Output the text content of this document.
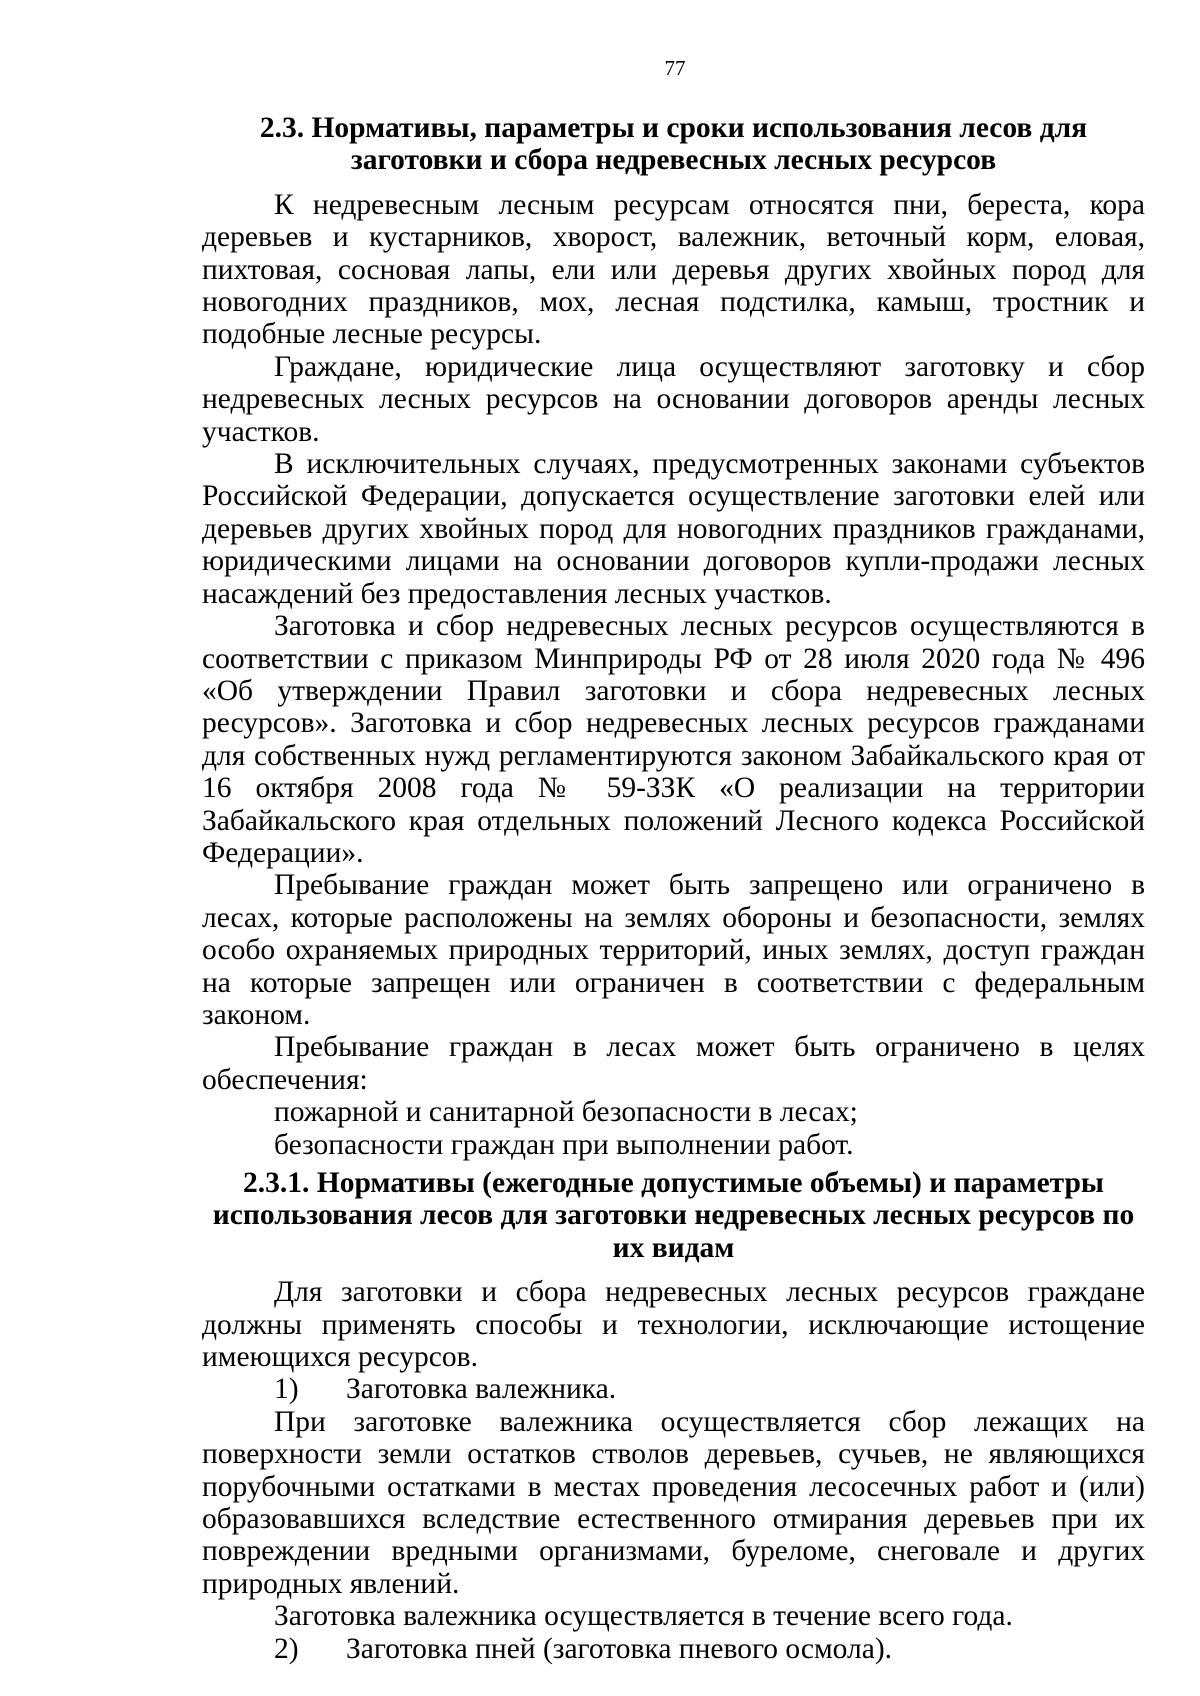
77
2.3. Нормативы, параметры и сроки использования лесов для заготовки и сбора недревесных лесных ресурсов

К недревесным лесным ресурсам относятся пни, береста, кора деревьев и кустарников, хворост, валежник, веточный корм, еловая, пихтовая, сосновая лапы, ели или деревья других хвойных пород для новогодних праздников, мох, лесная подстилка, камыш, тростник и подобные лесные ресурсы.

Граждане, юридические лица осуществляют заготовку и сбор недревесных лесных ресурсов на основании договоров аренды лесных участков.

В исключительных случаях, предусмотренных законами субъектов Российской Федерации, допускается осуществление заготовки елей или деревьев других хвойных пород для новогодних праздников гражданами, юридическими лицами на основании договоров купли-продажи лесных насаждений без предоставления лесных участков.

Заготовка и сбор недревесных лесных ресурсов осуществляются в соответствии с приказом Минприроды РФ от 28 июля 2020 года № 496 «Об утверждении Правил заготовки и сбора недревесных лесных ресурсов». Заготовка и сбор недревесных лесных ресурсов гражданами для собственных нужд регламентируются законом Забайкальского края от 16 октября 2008 года № 59-ЗЗК «О реализации на территории Забайкальского края отдельных положений Лесного кодекса Российской Федерации».

Пребывание граждан может быть запрещено или ограничено в лесах, которые расположены на землях обороны и безопасности, землях особо охраняемых природных территорий, иных землях, доступ граждан на которые запрещен или ограничен в соответствии с федеральным законом.

Пребывание граждан в лесах может быть ограничено в целях обеспечения:

пожарной и санитарной безопасности в лесах;

безопасности граждан при выполнении работ.

2.3.1. Нормативы (ежегодные допустимые объемы) и параметры использования лесов для заготовки недревесных лесных ресурсов по их видам

Для заготовки и сбора недревесных лесных ресурсов граждане должны применять способы и технологии, исключающие истощение имеющихся ресурсов.

1)	Заготовка валежника.

При заготовке валежника осуществляется сбор лежащих на поверхности земли остатков стволов деревьев, сучьев, не являющихся порубочными остатками в местах проведения лесосечных работ и (или) образовавшихся вследствие естественного отмирания деревьев при их повреждении вредными организмами, буреломе, снеговале и других природных явлений.

Заготовка валежника осуществляется в течение всего года.

2)	Заготовка пней (заготовка пневого осмола).
